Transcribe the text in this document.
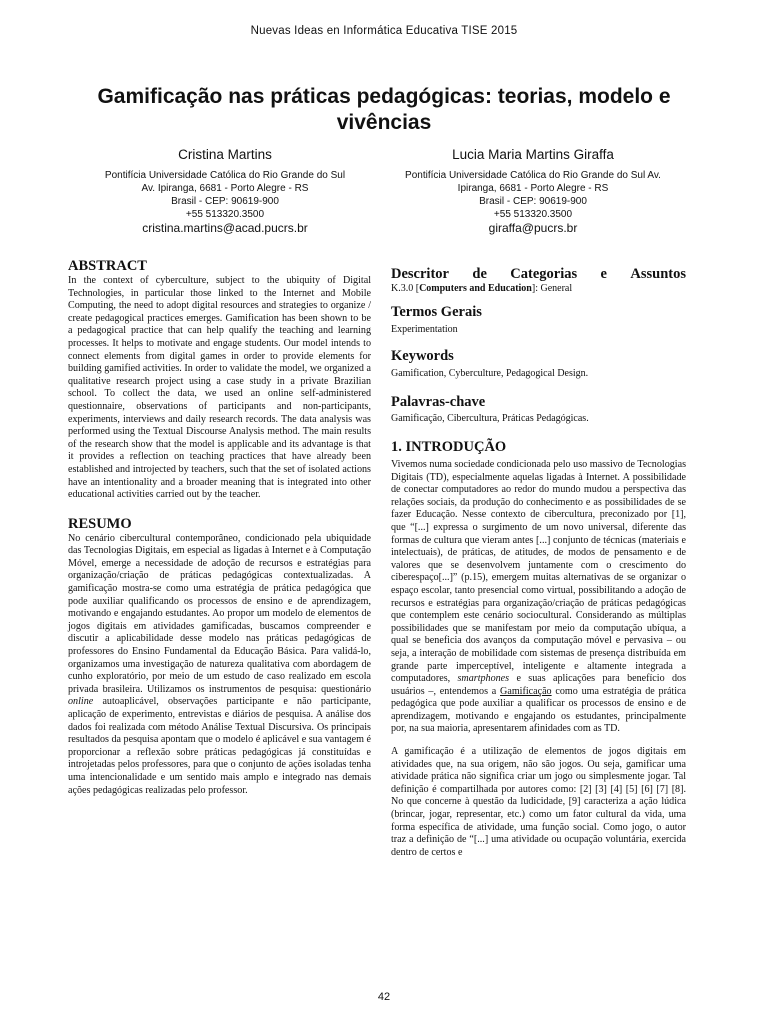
Nuevas Ideas en Informática Educativa TISE 2015
Gamificação nas práticas pedagógicas: teorias, modelo e vivências
Cristina Martins
Pontifícia Universidade Católica do Rio Grande do Sul
Av. Ipiranga, 6681 - Porto Alegre - RS
Brasil - CEP: 90619-900
+55 513320.3500
cristina.martins@acad.pucrs.br
Lucia Maria Martins Giraffa
Pontifícia Universidade Católica do Rio Grande do Sul Av.
Ipiranga, 6681 - Porto Alegre - RS
Brasil - CEP: 90619-900
+55 513320.3500
giraffa@pucrs.br
ABSTRACT

In the context of cyberculture, subject to the ubiquity of Digital Technologies, in particular those linked to the Internet and Mobile Computing, the need to adopt digital resources and strategies to organize / create pedagogical practices emerges. Gamification has been shown to be a pedagogical practice that can help qualify the teaching and learning processes. It helps to motivate and engage students. Our model intends to connect elements from digital games in order to provide elements for building gamified activities. In order to validate the model, we organized a qualitative research project using a case study in a private Brazilian school. To collect the data, we used an online self-administered questionnaire, observations of participants and non-participants, experiments, interviews and daily research records. The data analysis was performed using the Textual Discourse Analysis method. The main results of the research show that the model is applicable and its advantage is that it provides a reflection on teaching practices that have already been established and introjected by teachers, such that the set of isolated actions have an intentionality and a broader meaning that is integrated into other educational activities carried out by the teacher.

RESUMO

No cenário cibercultural contemporâneo, condicionado pela ubiquidade das Tecnologias Digitais, em especial as ligadas à Internet e à Computação Móvel, emerge a necessidade de adoção de recursos e estratégias para organização/criação de práticas pedagógicas contextualizadas. A gamificação mostra-se como uma estratégia de prática pedagógica que pode auxiliar qualificando os processos de ensino e de aprendizagem, motivando e engajando estudantes. Ao propor um modelo de elementos de jogos digitais em atividades gamificadas, buscamos compreender e discutir a aplicabilidade desse modelo nas práticas pedagógicas de professores do Ensino Fundamental da Educação Básica. Para validá-lo, organizamos uma investigação de natureza qualitativa com abordagem de cunho exploratório, por meio de um estudo de caso realizado em escola privada brasileira. Utilizamos os instrumentos de pesquisa: questionário online autoaplicável, observações participante e não participante, aplicação de experimento, entrevistas e diários de pesquisa. A análise dos dados foi realizada com método Análise Textual Discursiva. Os principais resultados da pesquisa apontam que o modelo é aplicável e sua vantagem é proporcionar a reflexão sobre práticas pedagógicas já constituídas e introjetadas pelos professores, para que o conjunto de ações isoladas tenha uma intencionalidade e um sentido mais amplo e integrado nas demais ações pedagógicas realizadas pelo professor.

Descritor de Categorias e Assuntos

K.3.0 [Computers and Education]: General

Termos Gerais

Experimentation

Keywords

Gamification, Cyberculture, Pedagogical Design.

Palavras-chave

Gamificação, Cibercultura, Práticas Pedagógicas.

1. INTRODUÇÃO

Vivemos numa sociedade condicionada pelo uso massivo de Tecnologias Digitais (TD), especialmente aquelas ligadas à Internet. A possibilidade de conectar computadores ao redor do mundo mudou a perspectiva das relações sociais, da produção do conhecimento e as possibilidades de se fazer Educação. Nesse contexto de cibercultura, preconizado por [1], que “[...] expressa o surgimento de um novo universal, diferente das formas de cultura que vieram antes [...] conjunto de técnicas (materiais e intelectuais), de práticas, de atitudes, de modos de pensamento e de valores que se desenvolvem juntamente com o crescimento do ciberespaço[...]” (p.15), emergem muitas alternativas de se organizar o espaço escolar, tanto presencial como virtual, possibilitando a adoção de recursos e estratégias para organização/criação de práticas pedagógicas que contemplem este cenário sociocultural. Considerando as múltiplas possibilidades que se manifestam por meio da computação ubíqua, a qual se beneficia dos avanços da computação móvel e pervasiva – ou seja, a interação de mobilidade com sistemas de presença distribuída em grande parte imperceptível, inteligente e altamente integrada a computadores, smartphones e suas aplicações para benefício dos usuários –, entendemos a Gamificação como uma estratégia de prática pedagógica que pode auxiliar a qualificar os processos de ensino e de aprendizagem, motivando e engajando os estudantes, principalmente por, na sua maioria, apresentarem afinidades com as TD.

A gamificação é a utilização de elementos de jogos digitais em atividades que, na sua origem, não são jogos. Ou seja, gamificar uma atividade prática não significa criar um jogo ou simplesmente jogar. Tal definição é compartilhada por autores como: [2] [3] [4] [5] [6] [7] [8]. No que concerne à questão da ludicidade, [9] caracteriza a ação lúdica (brincar, jogar, representar, etc.) como um fator cultural da vida, uma forma específica de atividade, uma função social. Como jogo, o autor traz a definição de “[...] uma atividade ou ocupação voluntária, exercida dentro de certos e

42
